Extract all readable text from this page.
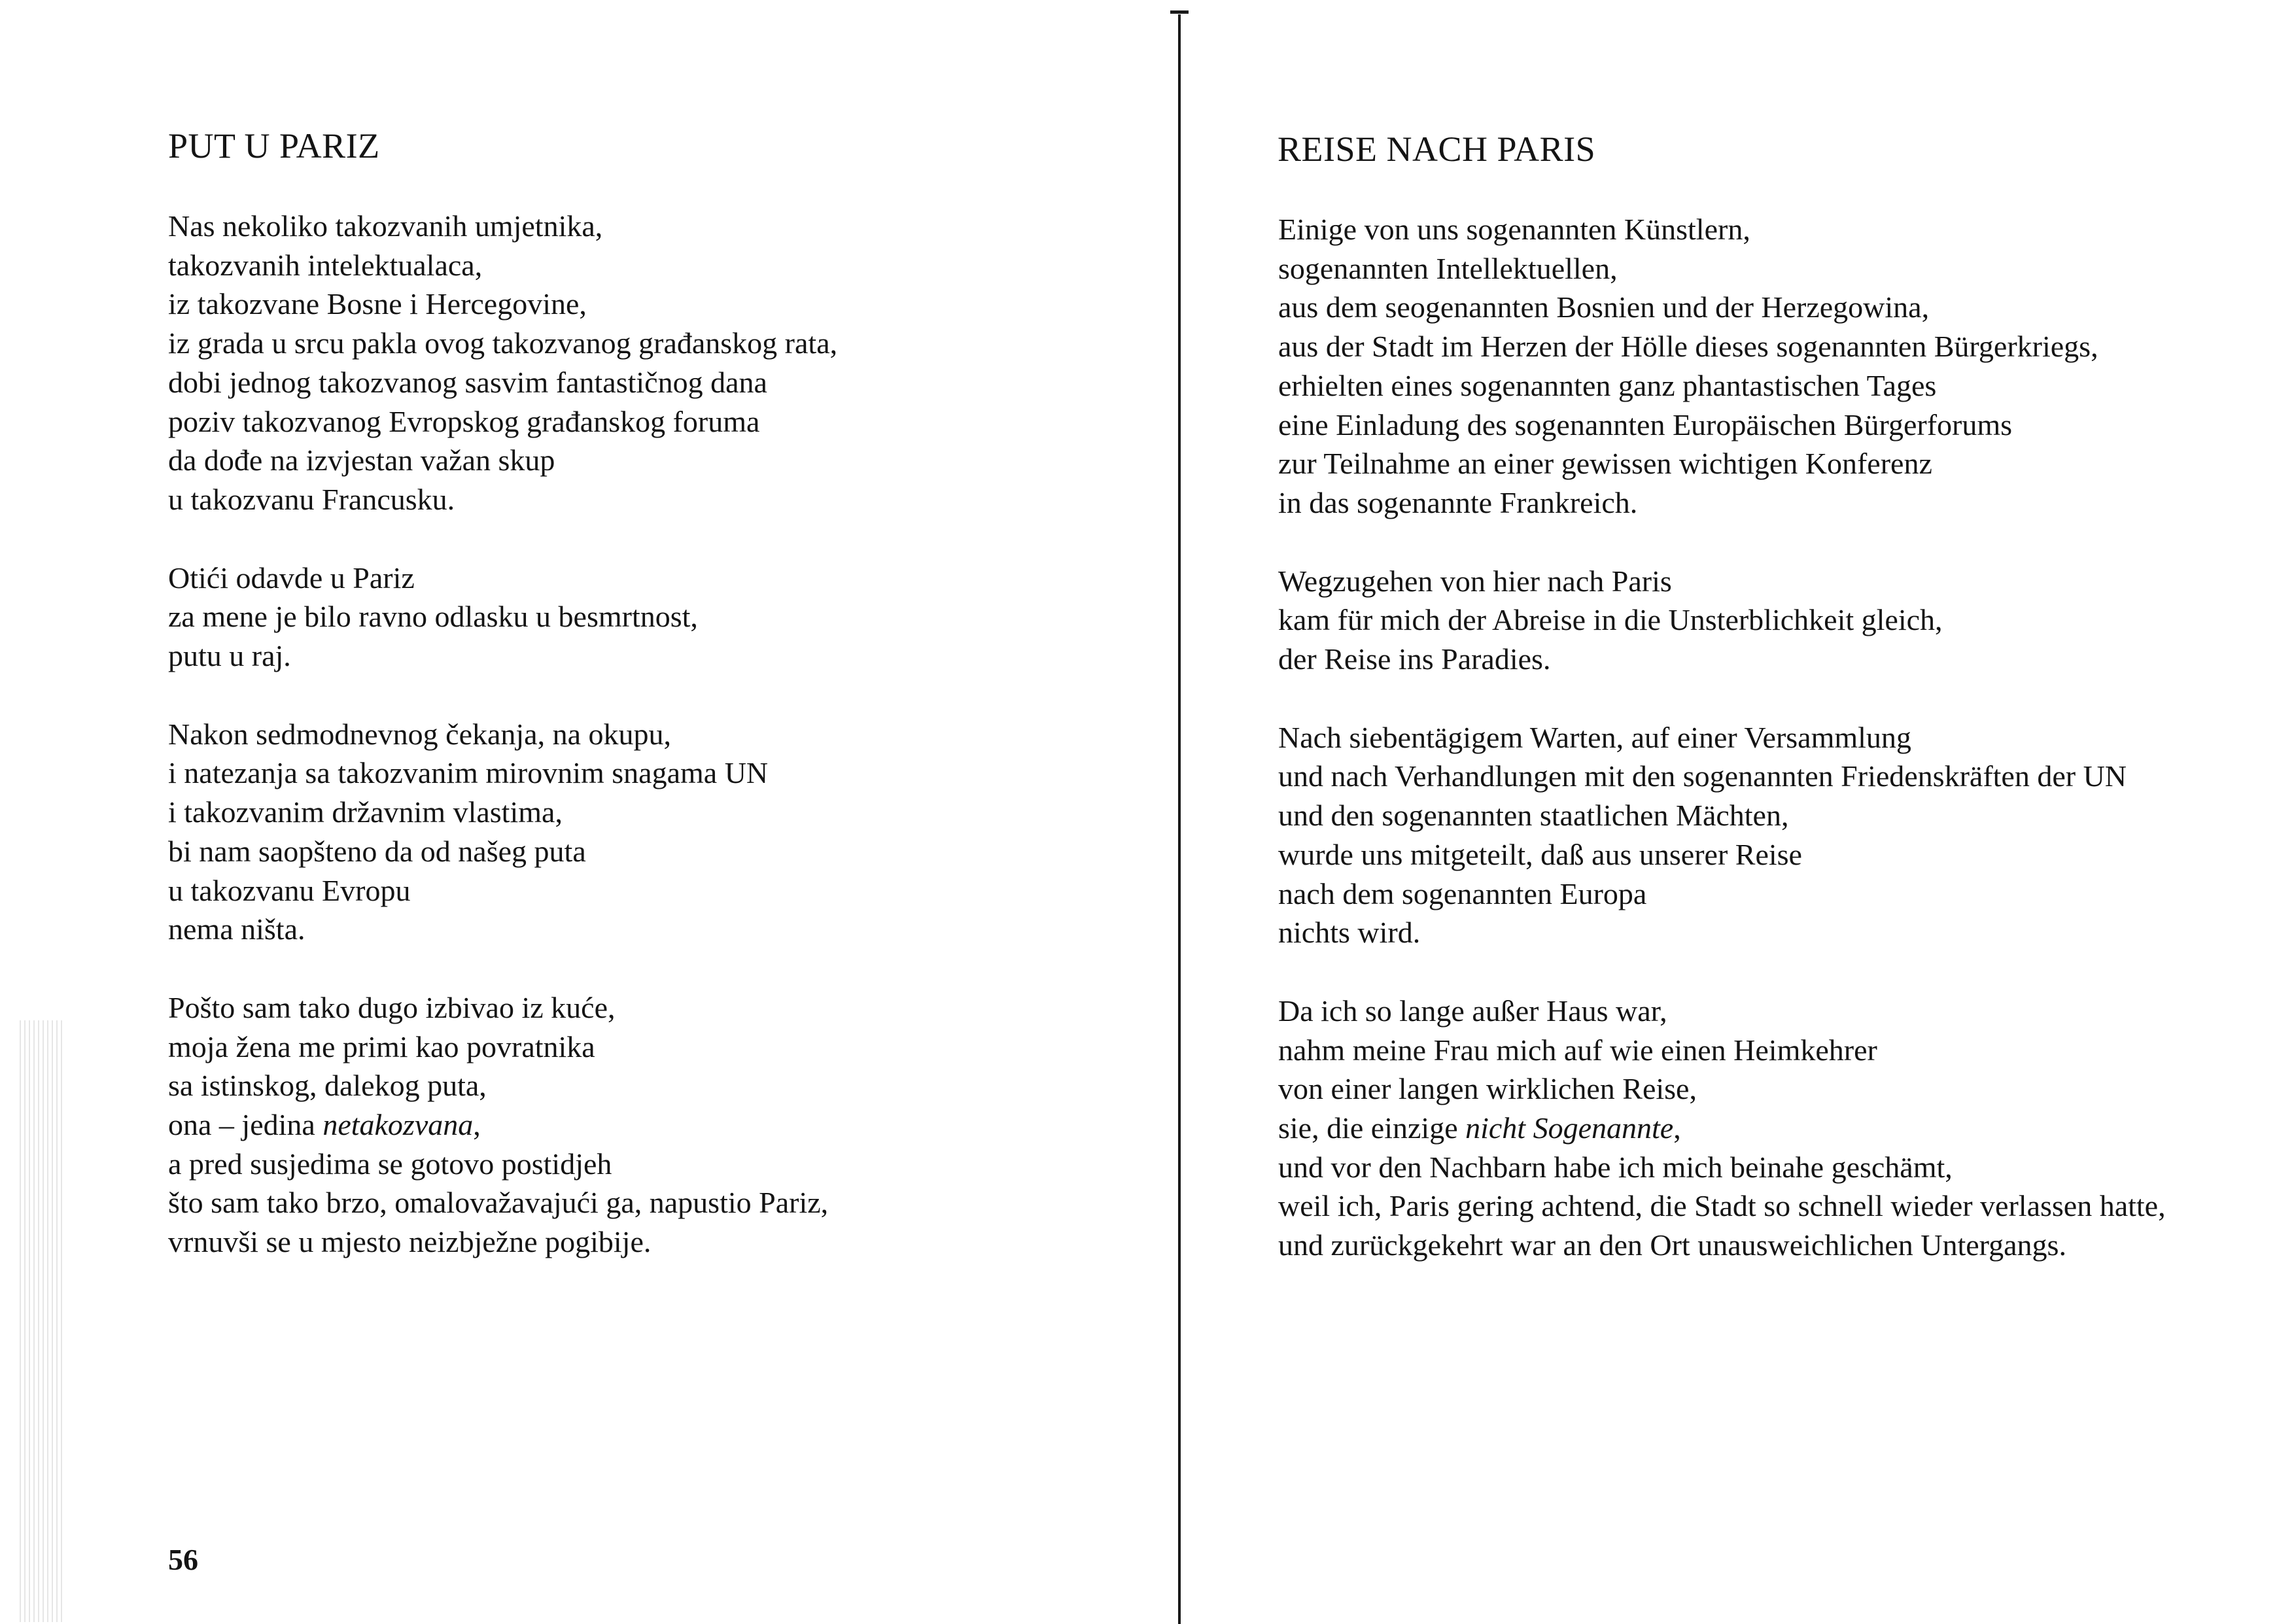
PUT U PARIZ
Nas nekoliko takozvanih umjetnika,
takozvanih intelektualaca,
iz takozvane Bosne i Hercegovine,
iz grada u srcu pakla ovog takozvanog građanskog rata,
dobi jednog takozvanog sasvim fantastičnog dana
poziv takozvanog Evropskog građanskog foruma
da dođe na izvjestan važan skup
u takozvanu Francusku.
Otići odavde u Pariz
za mene je bilo ravno odlasku u besmrtnost,
putu u raj.
Nakon sedmodnevnog čekanja, na okupu,
i natezanja sa takozvanim mirovnim snagama UN
i takozvanim državnim vlastima,
bi nam saopšteno da od našeg puta
u takozvanu Evropu
nema ništa.
Pošto sam tako dugo izbivao iz kuće,
moja žena me primi kao povratnika
sa istinskog, dalekog puta,
ona – jedina netakozvana,
a pred susjedima se gotovo postidjeh
što sam tako brzo, omalovažavajući ga, napustio Pariz,
vrnuvši se u mjesto neizbježne pogibije.
56
REISE NACH PARIS
Einige von uns sogenannten Künstlern,
sogenannten Intellektuellen,
aus dem seogenannten Bosnien und der Herzegowina,
aus der Stadt im Herzen der Hölle dieses sogenannten Bürgerkriegs,
erhielten eines sogenannten ganz phantastischen Tages
eine Einladung des sogenannten Europäischen Bürgerforums
zur Teilnahme an einer gewissen wichtigen Konferenz
in das sogenannte Frankreich.
Wegzugehen von hier nach Paris
kam für mich der Abreise in die Unsterblichkeit gleich,
der Reise ins Paradies.
Nach siebentägigem Warten, auf einer Versammlung
und nach Verhandlungen mit den sogenannten Friedenskräften der UN
und den sogenannten staatlichen Mächten,
wurde uns mitgeteilt, daß aus unserer Reise
nach dem sogenannten Europa
nichts wird.
Da ich so lange außer Haus war,
nahm meine Frau mich auf wie einen Heimkehrer
von einer langen wirklichen Reise,
sie, die einzige nicht Sogenannte,
und vor den Nachbarn habe ich mich beinahe geschämt,
weil ich, Paris gering achtend, die Stadt so schnell wieder verlassen hatte,
und zurückgekehrt war an den Ort unausweichlichen Untergangs.
